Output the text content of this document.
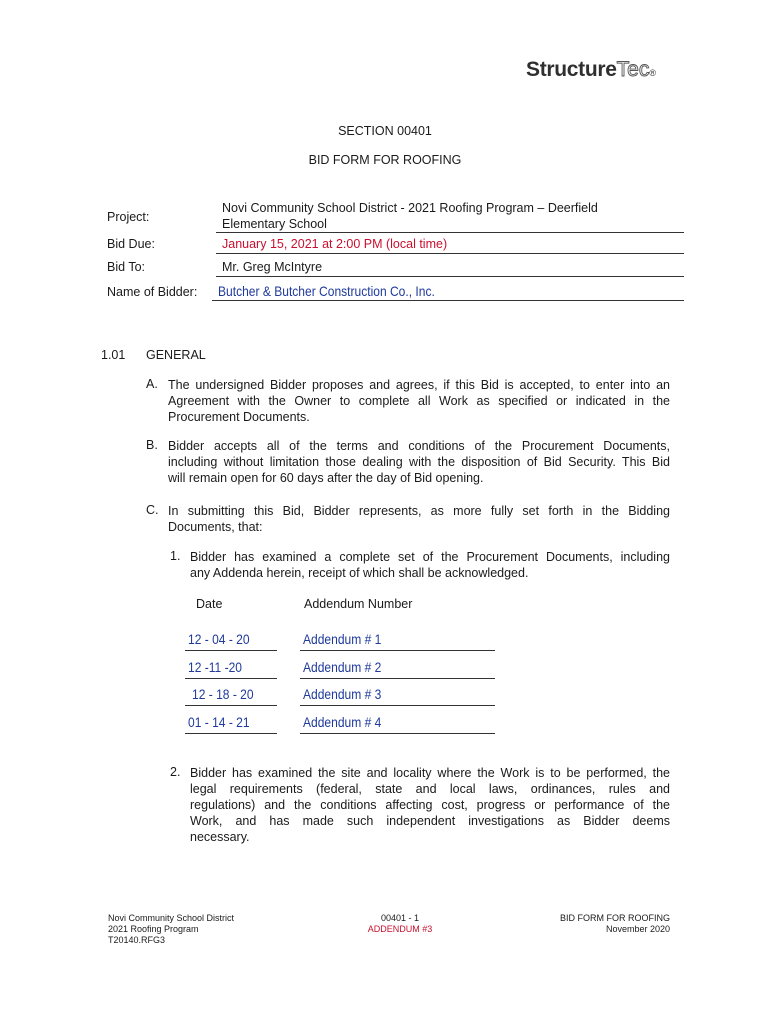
StructureTec®
SECTION 00401
BID FORM FOR ROOFING
Project:
Novi Community School District - 2021 Roofing Program – Deerfield
Elementary School
Bid Due:	January 15, 2021 at 2:00 PM (local time)
Bid To:	Mr. Greg McIntyre
Name of Bidder: Butcher & Butcher Construction Co., Inc.
1.01 GENERAL
A. The undersigned Bidder proposes and agrees, if this Bid is accepted, to enter into an
Agreement with the Owner to complete all Work as specified or indicated in the
Procurement Documents.
B. Bidder accepts all of the terms and conditions of the Procurement Documents,
including without limitation those dealing with the disposition of Bid Security. This Bid
will remain open for 60 days after the day of Bid opening.
C. In submitting this Bid, Bidder represents, as more fully set forth in the Bidding
Documents, that:
1. Bidder has examined a complete set of the Procurement Documents, including
any Addenda herein, receipt of which shall be acknowledged.
Date	Addendum Number
12 - 04 - 20	Addendum # 1
12 -11 -20	Addendum # 2
12 - 18 - 20	Addendum # 3
01 - 14 - 21	Addendum # 4
2. Bidder has examined the site and locality where the Work is to be performed, the
legal requirements (federal, state and local laws, ordinances, rules and
regulations) and the conditions affecting cost, progress or performance of the
Work, and has made such independent investigations as Bidder deems
necessary.
Novi Community School District
2021 Roofing Program
T20140.RFG3
00401 - 1
ADDENDUM #3
BID FORM FOR ROOFING
November 2020
